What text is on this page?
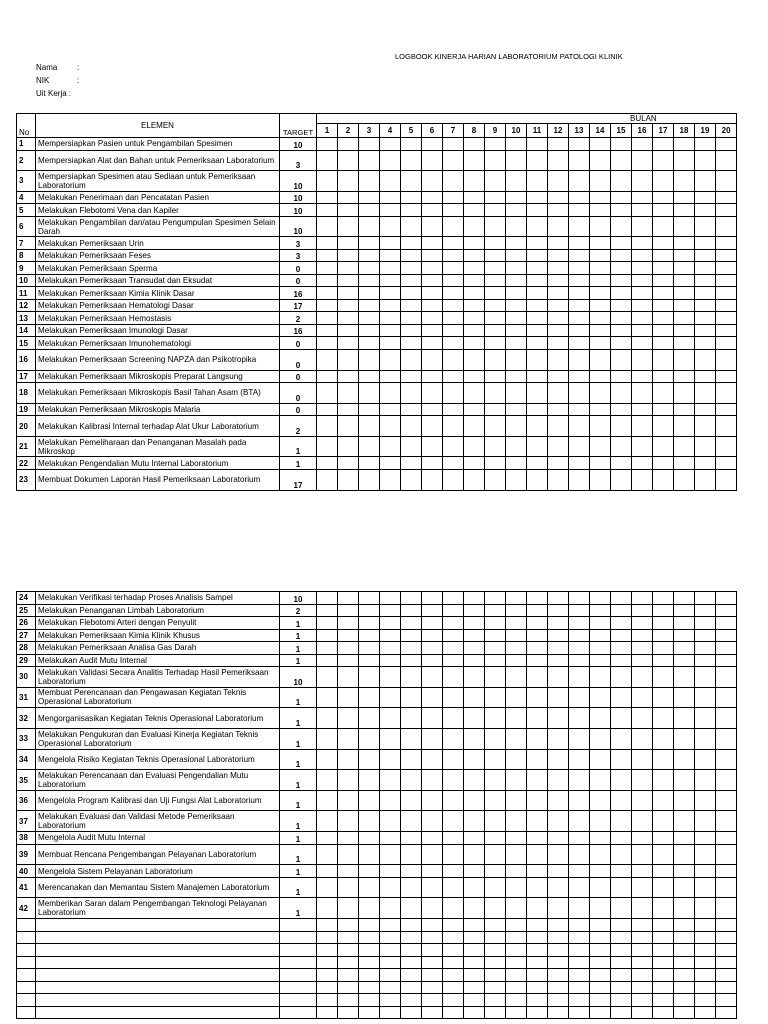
LOGBOOK KINERJA HARIAN LABORATORIUM PATOLOGI KLINIK
Nama :
NIK	:
Uit Kerja :
No	ELEMEN	TARGET	BULAN																			
			1	2	3	4	5	6	7	8	9	10	11	12	13	14	15	16	17	18	19	20
1	Mempersiapkan Pasien untuk Pengambilan Spesimen	10																				
2	Mempersiapkan Alat dan Bahan untuk Pemeriksaan Laboratorium	3																				
3	Mempersiapkan Spesimen atau Sediaan untuk Pemeriksaan Laboratorium	10																				
4	Melakukan Penerimaan dan Pencatatan Pasien	10																				
5	Melakukan Flebotomi Vena dan Kapiler	10																				
6	Melakukan Pengambilan dan/atau Pengumpulan Spesimen Selain Darah	10																				
7	Melakukan Pemeriksaan Urin	3																				
8	Melakukan Pemeriksaan Feses	3																				
9	Melakukan Pemeriksaan Sperma	0																				
10	Melakukan Pemeriksaan Transudat dan Eksudat	0																				
11	Melakukan Pemeriksaan Kimia Klinik Dasar	16																				
12	Melakukan Pemeriksaan Hematologi Dasar	17																				
13	Melakukan Pemeriksaan Hemostasis	2																				
14	Melakukan Pemeriksaan Imunologi Dasar	16																				
15	Melakukan Pemeriksaan Imunohematologi	0																				
16	Melakukan Pemeriksaan Screening NAPZA dan Psikotropika	0																				
17	Melakukan Pemeriksaan Mikroskopis Preparat Langsung	0																				
18	Melakukan Pemeriksaan Mikroskopis Basil Tahan Asam (BTA)	0																				
19	Melakukan Pemeriksaan Mikroskopis Malaria	0																				
20	Melakukan Kalibrasi Internal terhadap Alat Ukur Laboratorium	2																				
21	Melakukan Pemeliharaan dan Penanganan Masalah pada Mikroskop	1																				
22	Melakukan Pengendalian Mutu Internal Laboratorium	1																				
23	Membuat Dokumen Laporan Hasil Pemeriksaan Laboratorium	17																				
24	Melakukan Verifikasi terhadap Proses Analisis Sampel	10																				
25	Melakukan Penanganan Limbah Laboratorium	2																				
26	Melakukan Flebotomi Arteri dengan Penyulit	1																				
27	Melakukan Pemeriksaan Kimia Klinik Khusus	1																				
28	Melakukan Pemeriksaan Analisa Gas Darah	1																				
29	Melakukan Audit Mutu Internal	1																				
30	Melakukan Validasi Secara Analitis Terhadap Hasil Pemeriksaan Laboratorium	10																				
31	Membuat Perencanaan dan Pengawasan Kegiatan Teknis Operasional Laboratorium	1																				
32	Mengorganisasikan Kegiatan Teknis Operasional Laboratorium	1																				
33	Melakukan Pengukuran dan Evaluasi Kinerja Kegiatan Teknis Operasional Laboratorium	1																				
34	Mengelola Risiko Kegiatan Teknis Operasional Laboratorium	1																				
35	Melakukan Perencanaan dan Evaluasi Pengendalian Mutu Laboratorium	1																				
36	Mengelola Program Kalibrasi dan Uji Fungsi Alat Laboratorium	1																				
37	Melakukan Evaluasi dan Validasi Metode Pemeriksaan Laboratorium	1																				
38	Mengelola Audit Mutu Internal	1																				
39	Membuat Rencana Pengembangan Pelayanan Laboratorium	1																				
40	Mengelola Sistem Pelayanan Laboratorium	1																				
41	Merencanakan dan Memantau Sistem Manajemen Laboratorium	1																				
42	Memberikan Saran dalam Pengembangan Teknologi Pelayanan Laboratorium	1																				
